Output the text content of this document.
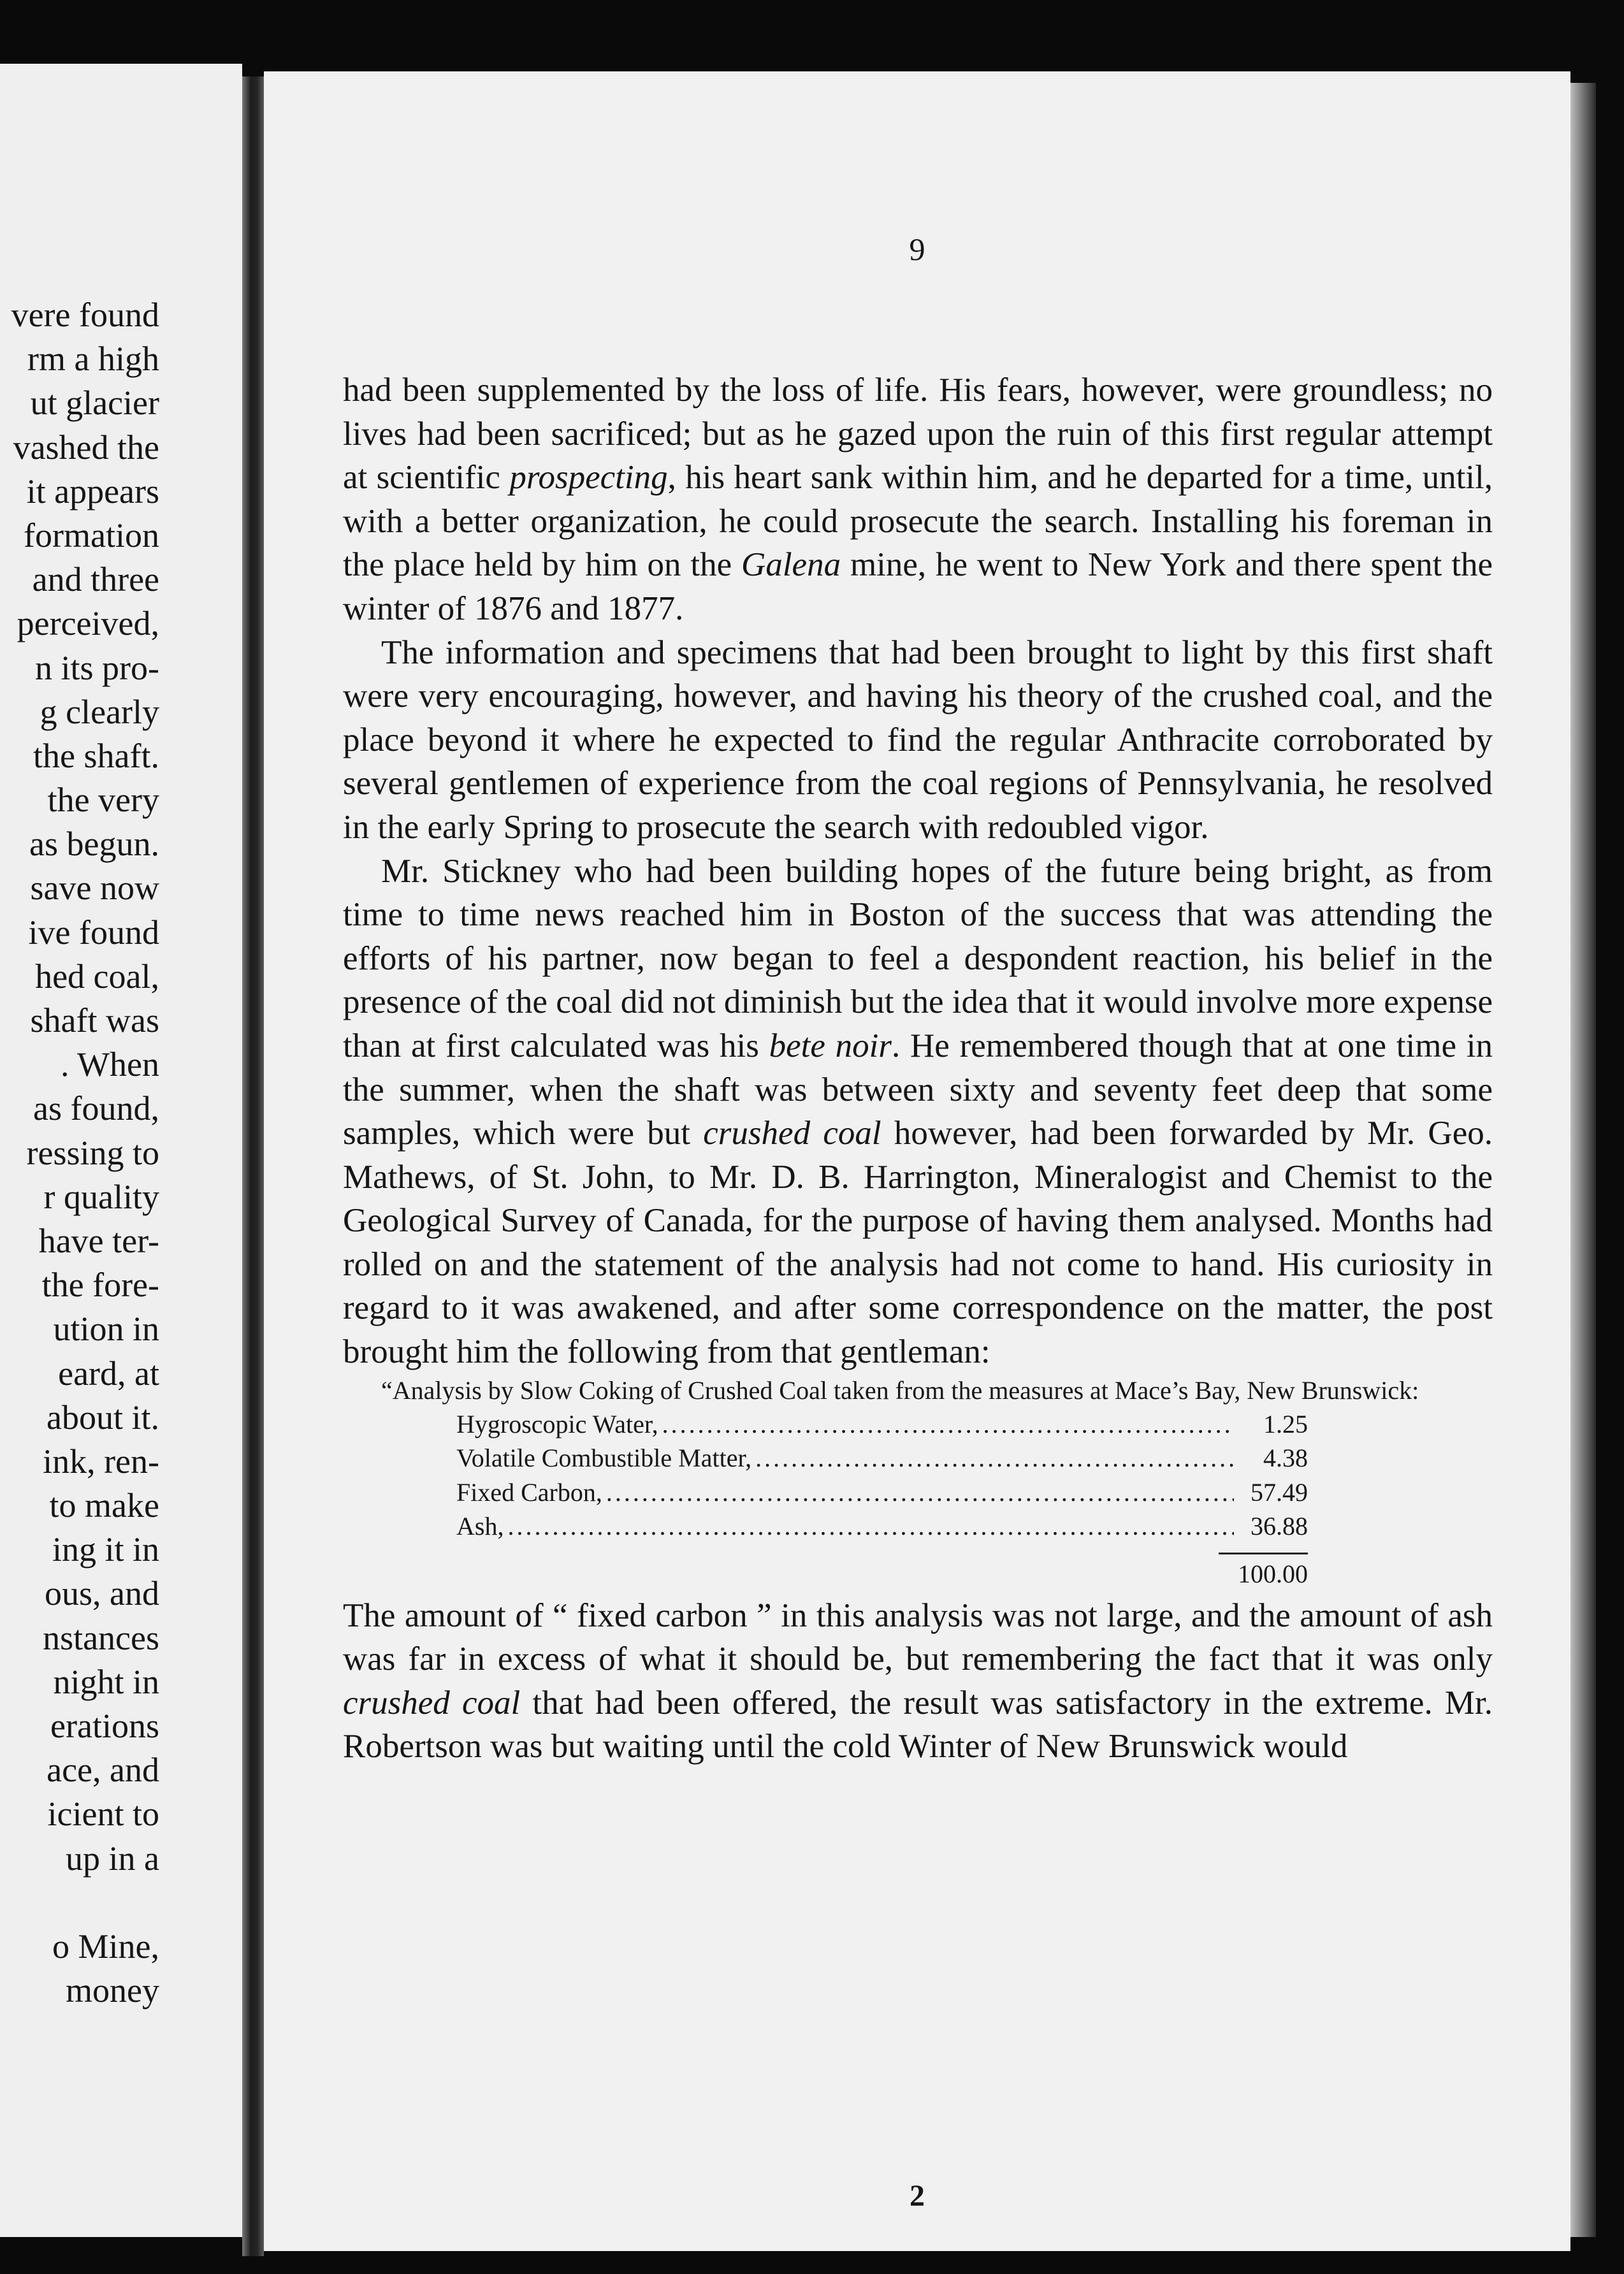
vere found
rm a high
ut glacier
vashed the
it appears
formation
and three
perceived,
n its pro-
g clearly
the shaft.
the very
as begun.
save now
ive found
hed coal,
shaft was
. When
as found,
ressing to
r quality
have ter-
the fore-
ution in
eard, at
about it.
ink, ren-
to make
ing it in
ous, and
nstances
night in
erations
ace, and
icient to
up in a
o Mine,
money
9

had been supplemented by the loss of life. His fears, however, were groundless; no lives had been sacrificed; but as he gazed upon the ruin of this first regular attempt at scientific prospecting, his heart sank within him, and he departed for a time, until, with a better organization, he could prosecute the search. Installing his foreman in the place held by him on the Galena mine, he went to New York and there spent the winter of 1876 and 1877.

The information and specimens that had been brought to light by this first shaft were very encouraging, however, and having his theory of the crushed coal, and the place beyond it where he expected to find the regular Anthracite corroborated by several gentlemen of experience from the coal regions of Pennsylvania, he resolved in the early Spring to prosecute the search with redoubled vigor.

Mr. Stickney who had been building hopes of the future being bright, as from time to time news reached him in Boston of the success that was attending the efforts of his partner, now began to feel a despondent reaction, his belief in the presence of the coal did not diminish but the idea that it would involve more expense than at first calculated was his bete noir. He remembered though that at one time in the summer, when the shaft was between sixty and seventy feet deep that some samples, which were but crushed coal however, had been forwarded by Mr. Geo. Mathews, of St. John, to Mr. D. B. Harrington, Mineralogist and Chemist to the Geological Survey of Canada, for the purpose of having them analysed. Months had rolled on and the statement of the analysis had not come to hand. His curiosity in regard to it was awakened, and after some correspondence on the matter, the post brought him the following from that gentleman:

“Analysis by Slow Coking of Crushed Coal taken from the measures at Mace’s Bay, New Brunswick:

Hygroscopic Water, .....	1.25
Volatile Combustible Matter, .....	4.38
Fixed Carbon, .....	57.49
Ash, .....	36.88
100.00

The amount of “ fixed carbon ” in this analysis was not large, and the amount of ash was far in excess of what it should be, but remembering the fact that it was only crushed coal that had been offered, the result was satisfactory in the extreme. Mr. Robertson was but waiting until the cold Winter of New Brunswick would

2
